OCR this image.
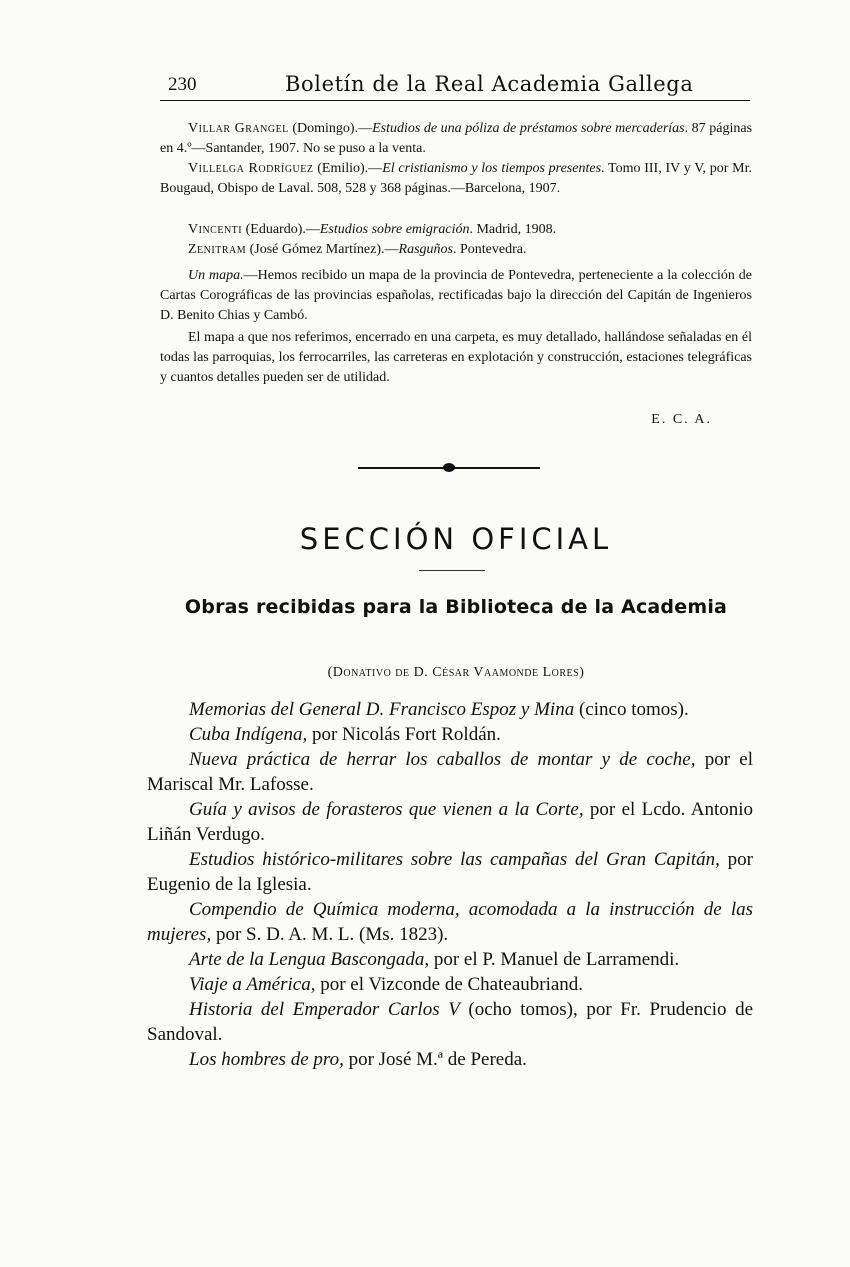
230	Boletín de la Real Academia Gallega

Villar Grangel (Domingo).—Estudios de una póliza de préstamos sobre mercaderías. 87 páginas en 4.º—Santander, 1907. No se puso a la venta.

Villelga Rodríguez (Emilio).—El cristianismo y los tiempos presentes. Tomo III, IV y V, por Mr. Bougaud, Obispo de Laval. 508, 528 y 368 páginas.—Barcelona, 1907.

Vincenti (Eduardo).—Estudios sobre emigración. Madrid, 1908.

Zenitram (José Gómez Martínez).—Rasguños. Pontevedra.

Un mapa.—Hemos recibido un mapa de la provincia de Pontevedra, perteneciente a la colección de Cartas Corográficas de las provincias españolas, rectificadas bajo la dirección del Capitán de Ingenieros D. Benito Chias y Cambó.

El mapa a que nos referimos, encerrado en una carpeta, es muy detallado, hallándose señaladas en él todas las parroquias, los ferrocarriles, las carreteras en explotación y construcción, estaciones telegráficas y cuantos detalles pueden ser de utilidad.

E. C. A.
SECCIÓN OFICIAL
Obras recibidas para la Biblioteca de la Academia
(Donativo de D. César Vaamonde Lores)

Memorias del General D. Francisco Espoz y Mina (cinco tomos).

Cuba Indígena, por Nicolás Fort Roldán.

Nueva práctica de herrar los caballos de montar y de coche, por el Mariscal Mr. Lafosse.

Guía y avisos de forasteros que vienen a la Corte, por el Lcdo. Antonio Liñán Verdugo.

Estudios histórico-militares sobre las campañas del Gran Capitán, por Eugenio de la Iglesia.

Compendio de Química moderna, acomodada a la instrucción de las mujeres, por S. D. A. M. L. (Ms. 1823).

Arte de la Lengua Bascongada, por el P. Manuel de Larramendi.

Viaje a América, por el Vizconde de Chateaubriand.

Historia del Emperador Carlos V (ocho tomos), por Fr. Prudencio de Sandoval.

Los hombres de pro, por José M.ª de Pereda.
